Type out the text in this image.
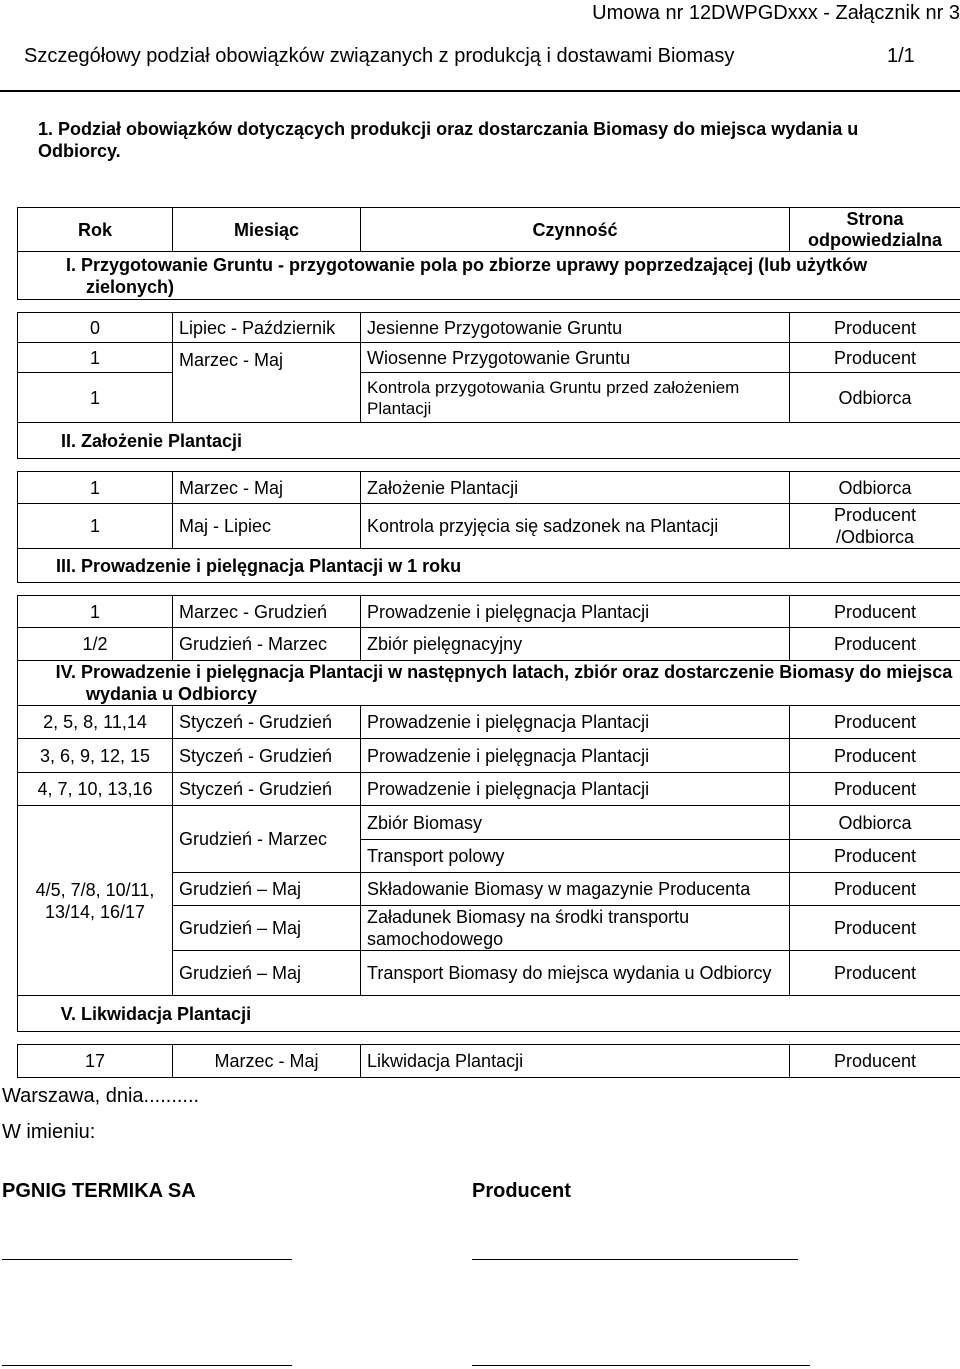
Umowa nr 12DWPGDxxx - Załącznik nr 3
Szczegółowy podział obowiązków związanych z produkcją i dostawami Biomasy	1/1
1. Podział obowiązków dotyczących produkcji oraz dostarczania Biomasy do miejsca wydania u Odbiorcy.
Rok	Miesiąc	Czynność	Strona odpowiedzialna

I. Przygotowanie Gruntu - przygotowanie pola po zbiorze uprawy poprzedzającej (lub użytków zielonych)			

0	Lipiec - Październik	Jesienne Przygotowanie Gruntu	Producent
1	Marzec - Maj	Wiosenne Przygotowanie Gruntu	Producent
1		Kontrola przygotowania Gruntu przed założeniem Plantacji	Odbiorca
II. Założenie Plantacji			

1	Marzec - Maj	Założenie Plantacji	Odbiorca
1	Maj - Lipiec	Kontrola przyjęcia się sadzonek na Plantacji	Producent /Odbiorca
III. Prowadzenie i pielęgnacja Plantacji w 1 roku			

1	Marzec - Grudzień	Prowadzenie i pielęgnacja Plantacji	Producent
1/2	Grudzień - Marzec	Zbiór pielęgnacyjny	Producent

IV. Prowadzenie i pielęgnacja Plantacji w następnych latach, zbiór oraz dostarczenie Biomasy do miejsca wydania u Odbiorcy			

2, 5, 8, 11,14	Styczeń - Grudzień	Prowadzenie i pielęgnacja Plantacji	Producent
3, 6, 9, 12, 15	Styczeń - Grudzień	Prowadzenie i pielęgnacja Plantacji	Producent
4, 7, 10, 13,16	Styczeń - Grudzień	Prowadzenie i pielęgnacja Plantacji	Producent
4/5, 7/8, 10/11, 13/14, 16/17	Grudzień - Marzec	Zbiór Biomasy	Odbiorca
		Transport polowy	Producent
	Grudzień – Maj	Składowanie Biomasy w magazynie Producenta	Producent
	Grudzień – Maj	Załadunek Biomasy na środki transportu samochodowego	Producent
	Grudzień – Maj	Transport Biomasy do miejsca wydania u Odbiorcy	Producent
V. Likwidacja Plantacji			

17	Marzec - Maj	Likwidacja Plantacji	Producent
Warszawa, dnia..........
W imieniu:
PGNIG TERMIKA SA	Producent
